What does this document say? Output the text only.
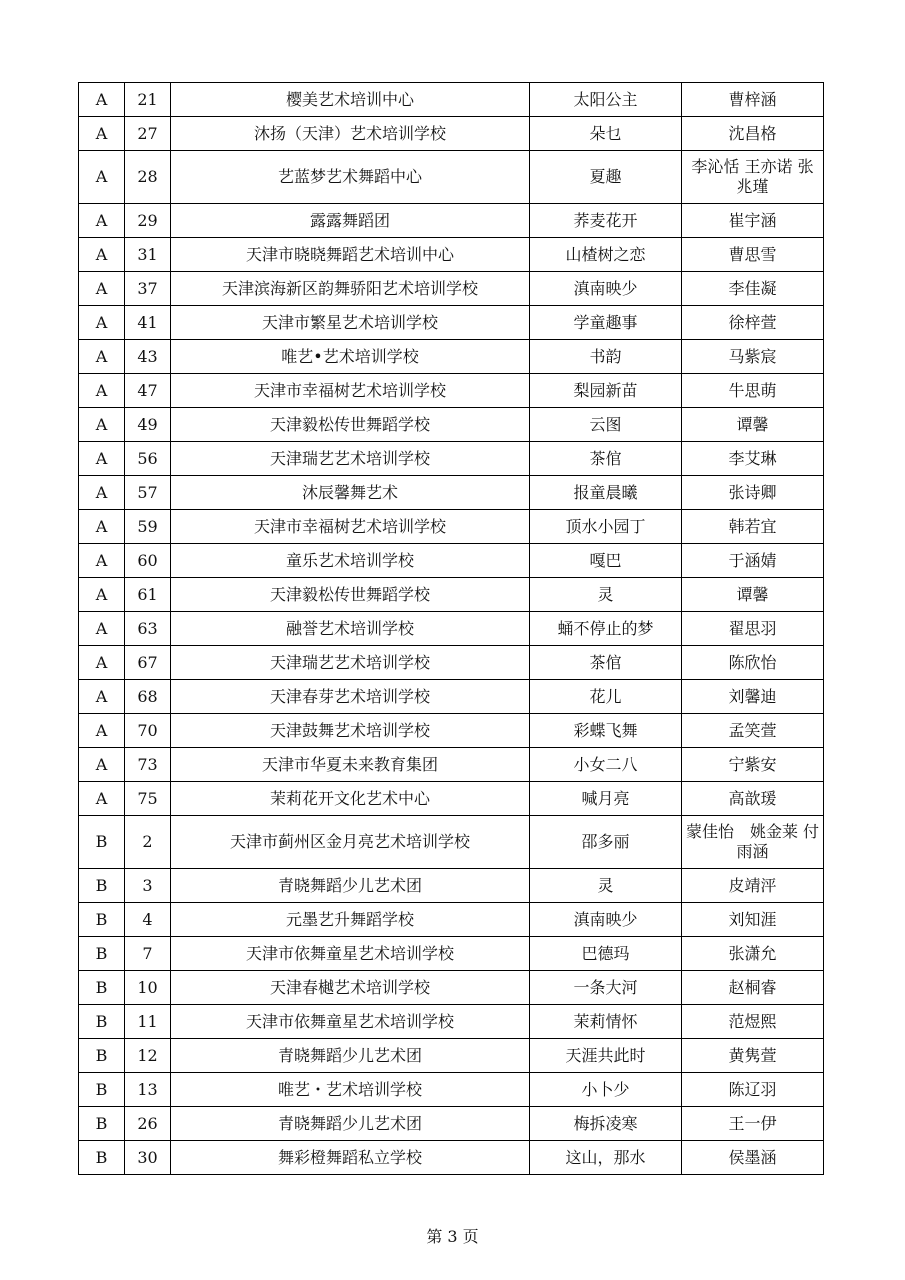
A	21	樱美艺术培训中心	太阳公主	曹梓涵
A	27	沐扬（天津）艺术培训学校	朵乜	沈昌格
A	28	艺蓝梦艺术舞蹈中心	夏趣	李沁恬 王亦诺 张兆瑾
A	29	露露舞蹈团	荞麦花开	崔宇涵
A	31	天津市晓晓舞蹈艺术培训中心	山楂树之恋	曹思雪
A	37	天津滨海新区韵舞骄阳艺术培训学校	滇南映少	李佳凝
A	41	天津市繁星艺术培训学校	学童趣事	徐梓萱
A	43	唯艺•艺术培训学校	书韵	马紫宸
A	47	天津市幸福树艺术培训学校	梨园新苗	牛思萌
A	49	天津毅松传世舞蹈学校	云图	谭馨
A	56	天津瑞艺艺术培训学校	茶倌	李艾琳
A	57	沐辰馨舞艺术	报童晨曦	张诗卿
A	59	天津市幸福树艺术培训学校	顶水小园丁	韩若宜
A	60	童乐艺术培训学校	嘎巴	于涵婧
A	61	天津毅松传世舞蹈学校	灵	谭馨
A	63	融誉艺术培训学校	蛹不停止的梦	翟思羽
A	67	天津瑞艺艺术培训学校	茶倌	陈欣怡
A	68	天津春芽艺术培训学校	花儿	刘馨迪
A	70	天津鼓舞艺术培训学校	彩蝶飞舞	孟笑萱
A	73	天津市华夏未来教育集团	小女二八	宁紫安
A	75	茉莉花开文化艺术中心	喊月亮	高歆瑗
B	2	天津市蓟州区金月亮艺术培训学校	邵多丽	蒙佳怡　姚金莱 付雨涵
B	3	青晓舞蹈少儿艺术团	灵	皮靖泙
B	4	元墨艺升舞蹈学校	滇南映少	刘知涯
B	7	天津市依舞童星艺术培训学校	巴德玛	张潇允
B	10	天津春樾艺术培训学校	一条大河	赵桐睿
B	11	天津市依舞童星艺术培训学校	茉莉情怀	范煜熙
B	12	青晓舞蹈少儿艺术团	天涯共此时	黄隽萱
B	13	唯艺・艺术培训学校	小卜少	陈辽羽
B	26	青晓舞蹈少儿艺术团	梅拆凌寒	王一伊
B	30	舞彩橙舞蹈私立学校	这山，那水	侯墨涵
第 3 页
